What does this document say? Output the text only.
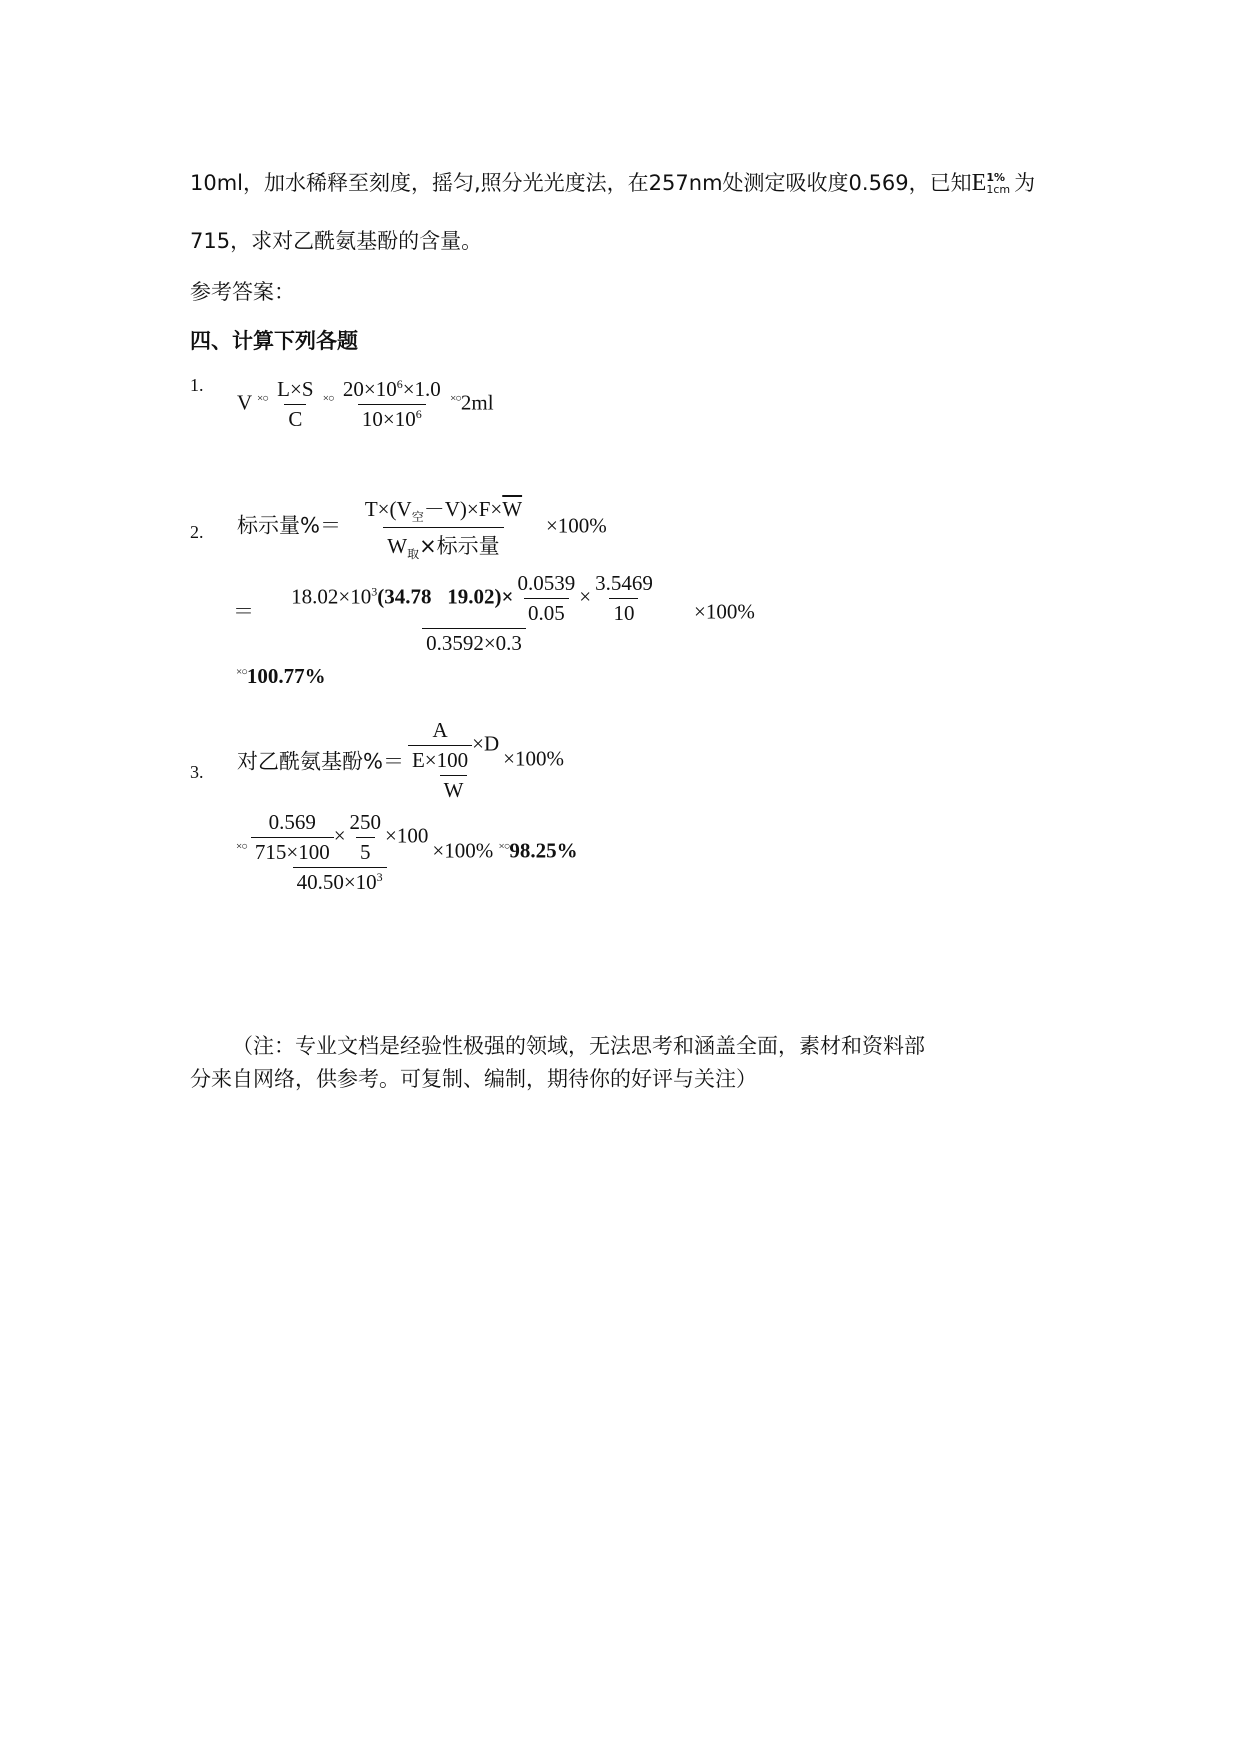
10ml，加水稀释至刻度，摇匀,照分光光度法，在257nm处测定吸收度0.569，已知E 1%
1cm 为
715，求对乙酰氨基酚的含量。
参考答案：
四、计算下列各题
1.
V $^{\times○} \frac{L\times S}{C} ^{\times○} \frac{20\times 10^6\times 1.0}{10\times 10^6} ^{\times○}2ml$
2. 标示量%＝ $\frac{T\times(V_空-V)\times F\times\overline{W}}{W_取\times 标示量} \times 100\%$
＝ $\frac{18.02\times 10^3(34.78 19.02)\times \frac{0.0539}{0.05} \times \frac{3.5469}{10}}{0.3592\times 0.3} \times 100\%$
×○100.77%
3. 对乙酰氨基酚%＝ $\frac{\frac{A}{E\times 100} \times D}{W} \times 100\%$
$^{\times○} \frac{\frac{0.569}{715\times 100} \times \frac{250}{5} \times 100}{40.50\times 10^3} \times 100\%$ ×○98.25%
（注：专业文档是经验性极强的领域，无法思考和涵盖全面，素材和资料部
分来自网络，供参考。可复制、编制，期待你的好评与关注）
